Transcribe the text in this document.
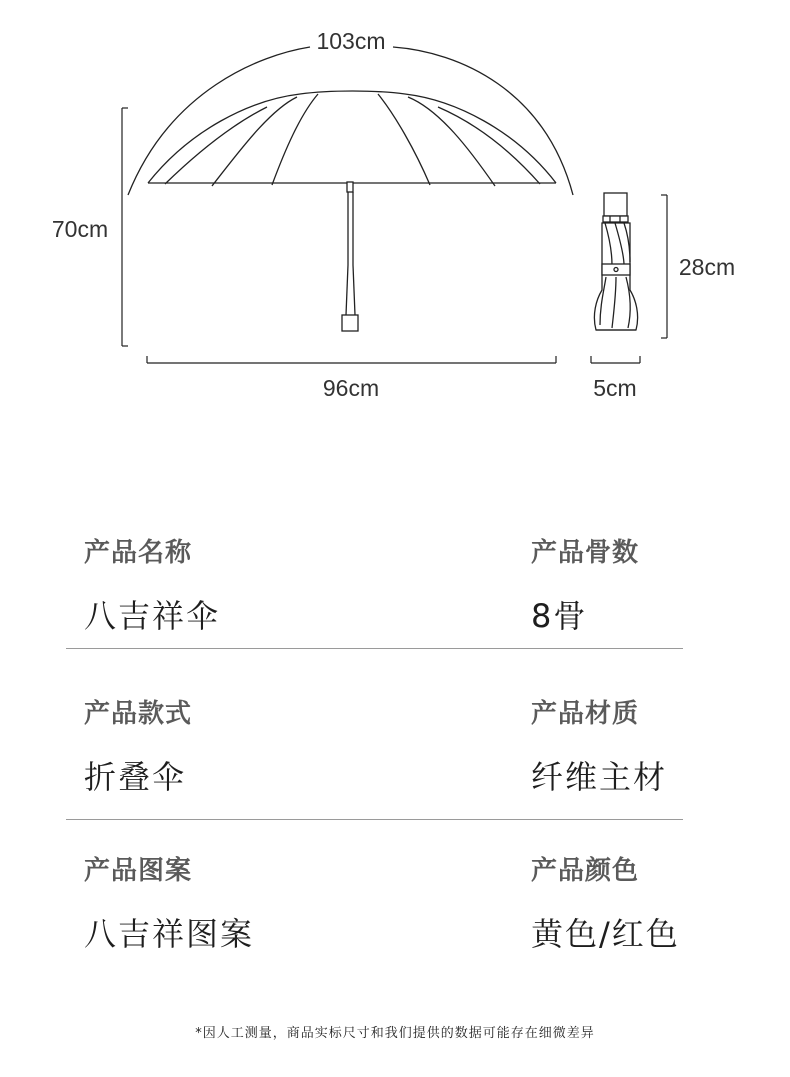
103cm
70cm
96cm
28cm
5cm
产品名称
八吉祥伞
产品骨数
8骨
产品款式
折叠伞
产品材质
纤维主材
产品图案
八吉祥图案
产品颜色
黄色/红色
*因人工测量，商品实标尺寸和我们提供的数据可能存在细微差异
